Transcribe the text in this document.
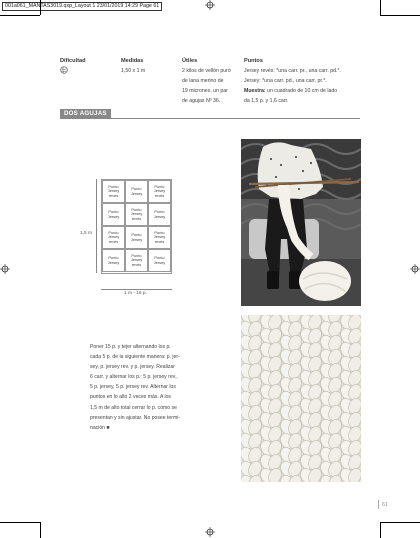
001a061_MANTAS3019.qxp_Layout 1 23/01/2019 14:29 Page 61
Dificultad	Medidas
1,50 x 1 m
Útiles
2 kilos de vellón puro
de lana merino de
19 micrones, un par
de agujas Nº 36.
Puntos
Jersey revés: *una carr. pr., una carr. pd.*.
Jersey: *una carr. pd., una carr. pr.*.
Muestra: un cuadrado de 10 cm de lado
da 1,5 p. y 1,6 carr.
DOS AGUJAS
Punto Jersey revés
Punto Jersey
Punto Jersey revés
Punto Jersey
Punto Jersey revés
Punto Jersey
Punto Jersey revés
Punto Jersey
Punto Jersey revés
Punto Jersey
Punto Jersey revés
Punto Jersey
1,5 m
1 m - 15 p.
Poner 15 p. y tejer alternando los p.
cada 5 p. de la siguiente manera: p. jer-
sey, p. jersey rev. y p. jersey. Realizar
6 carr. y alternar los p.: 5 p. jersey rev.,
5 p. jersey, 5 p. jersey rev. Alternar los
puntos en lo alto 2 veces más. A los
1,5 m de alto total cerrar lo p. como se
presentan y sin ajustar. No posee termi-
nación ■
61
